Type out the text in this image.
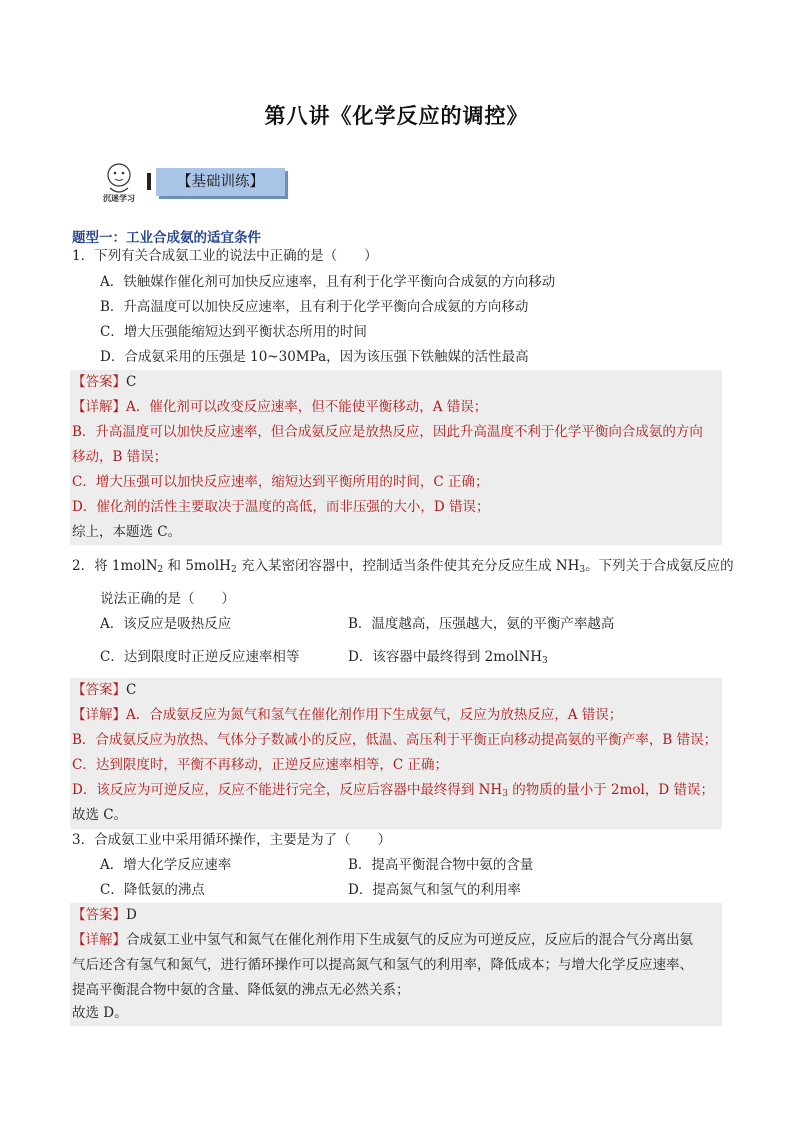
第八讲《化学反应的调控》
沉迷学习
【基础训练】
题型一：工业合成氨的适宜条件
1．下列有关合成氨工业的说法中正确的是（　　）
A．铁触媒作催化剂可加快反应速率，且有利于化学平衡向合成氨的方向移动
B．升高温度可以加快反应速率，且有利于化学平衡向合成氨的方向移动
C．增大压强能缩短达到平衡状态所用的时间
D．合成氨采用的压强是 10~30MPa，因为该压强下铁触媒的活性最高
【答案】C
【详解】A．催化剂可以改变反应速率，但不能使平衡移动，A 错误；
B．升高温度可以加快反应速率，但合成氨反应是放热反应，因此升高温度不利于化学平衡向合成氨的方向
移动，B 错误；
C．增大压强可以加快反应速率，缩短达到平衡所用的时间，C 正确；
D．催化剂的活性主要取决于温度的高低，而非压强的大小，D 错误；
综上，本题选 C。
2．将 1molN$_2$ 和 5molH$_2$ 充入某密闭容器中，控制适当条件使其充分反应生成 $NH_3$。下列关于合成氨反应的
说法正确的是（　　）
A．该反应是吸热反应	B．温度越高，压强越大，氨的平衡产率越高
C．达到限度时正逆反应速率相等	D．该容器中最终得到 2molNH$_3$
【答案】C
【详解】A．合成氨反应为氮气和氢气在催化剂作用下生成氨气，反应为放热反应，A 错误；
B．合成氨反应为放热、气体分子数减小的反应，低温、高压利于平衡正向移动提高氨的平衡产率，B 错误；
C．达到限度时，平衡不再移动，正逆反应速率相等，C 正确；
D．该反应为可逆反应，反应不能进行完全，反应后容器中最终得到 $NH_3$ 的物质的量小于 2mol，D 错误；
故选 C。
3．合成氨工业中采用循环操作，主要是为了（　　）
A．增大化学反应速率	B．提高平衡混合物中氨的含量
C．降低氨的沸点	D．提高氮气和氢气的利用率
【答案】D
【详解】合成氨工业中氢气和氮气在催化剂作用下生成氨气的反应为可逆反应，反应后的混合气分离出氨
气后还含有氢气和氮气，进行循环操作可以提高氮气和氢气的利用率，降低成本；与增大化学反应速率、
提高平衡混合物中氨的含量、降低氨的沸点无必然关系；
故选 D。
